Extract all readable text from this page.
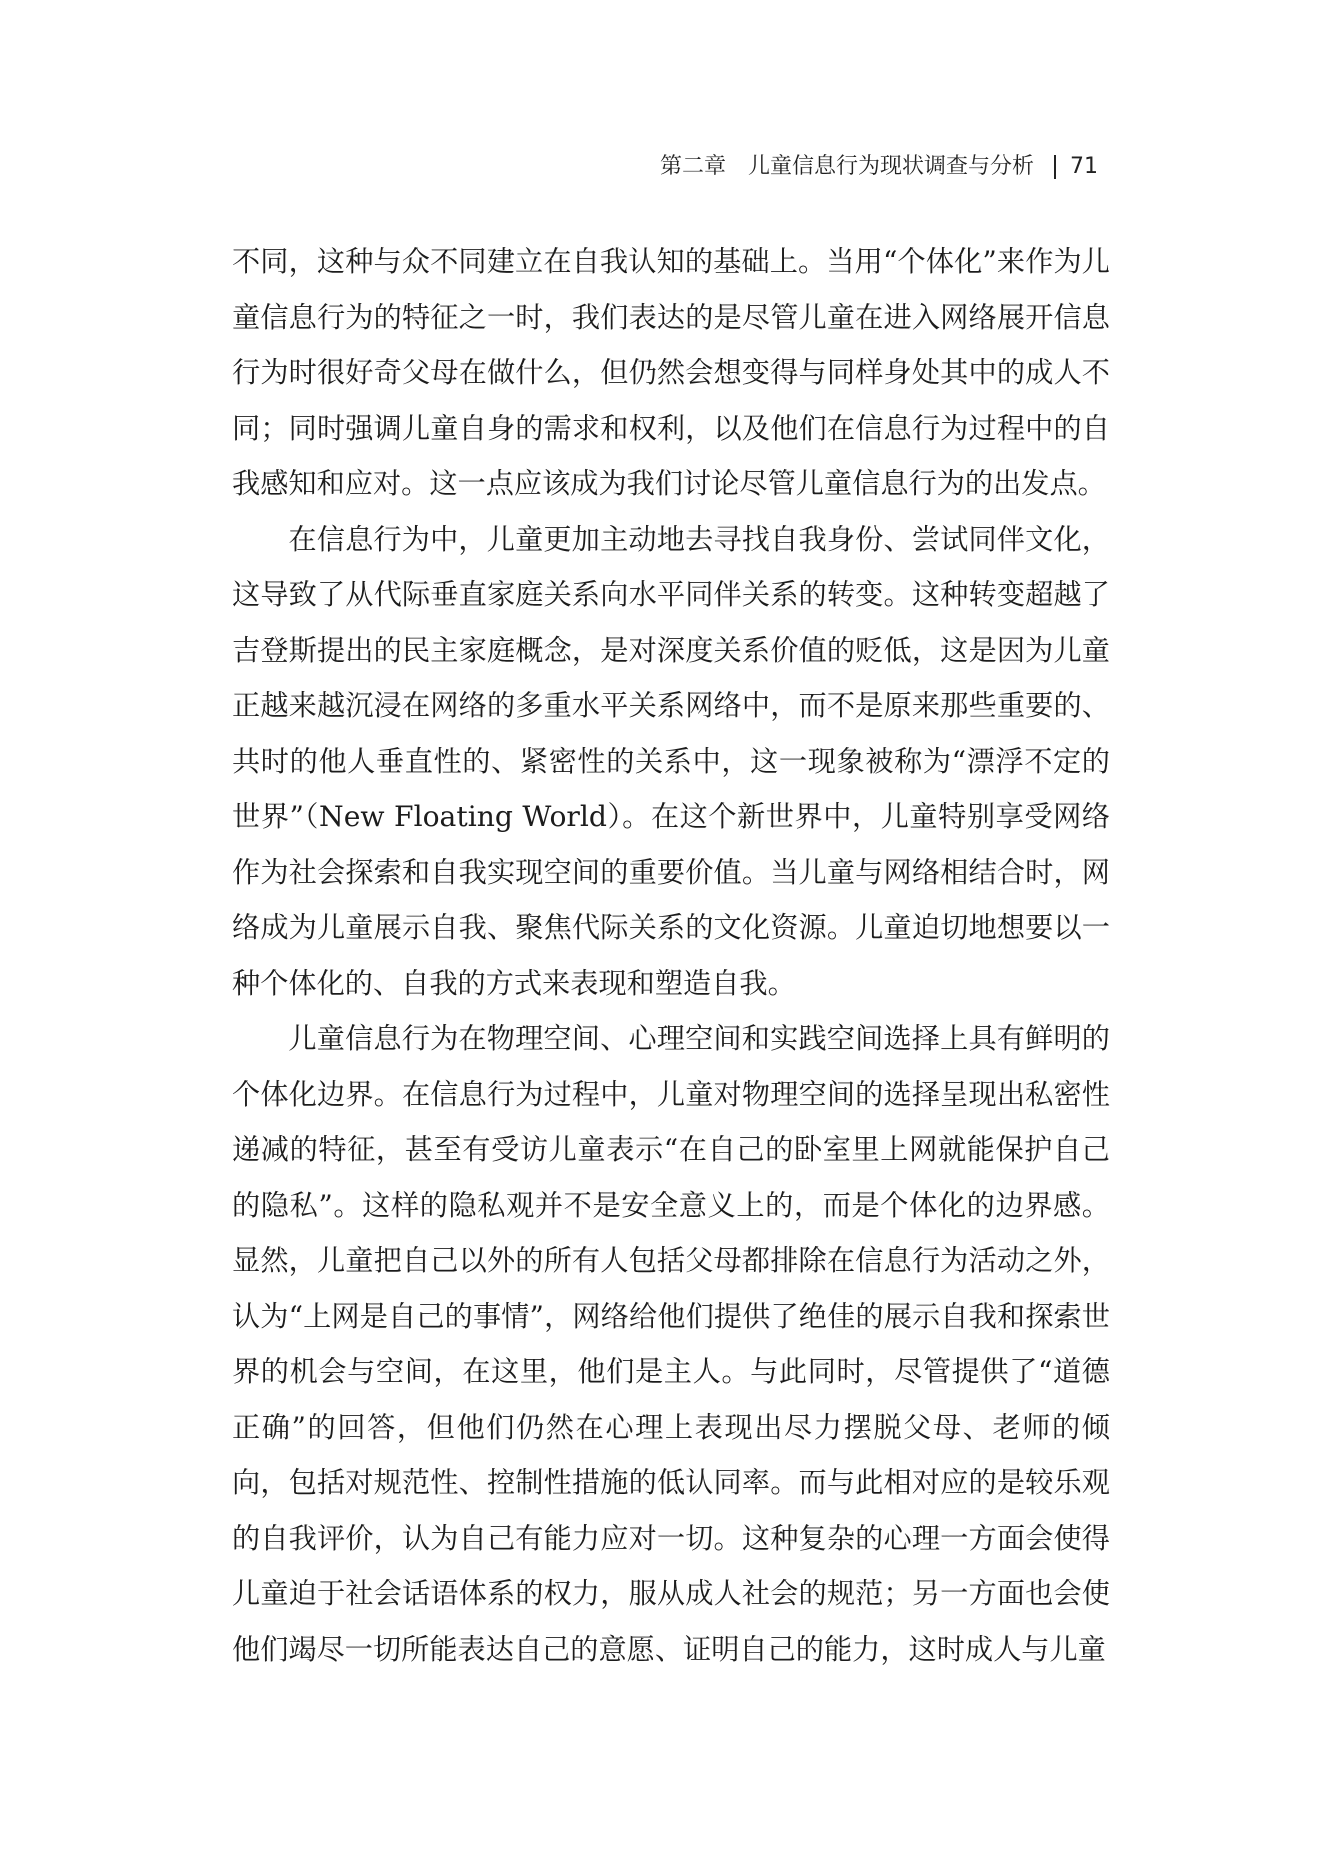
第二章 儿童信息行为现状调查与分析 71

不同，这种与众不同建立在自我认知的基础上。当用“个体化”来作为儿童信息行为的特征之一时，我们表达的是尽管儿童在进入网络展开信息行为时很好奇父母在做什么，但仍然会想变得与同样身处其中的成人不同；同时强调儿童自身的需求和权利，以及他们在信息行为过程中的自我感知和应对。这一点应该成为我们讨论尽管儿童信息行为的出发点。

在信息行为中，儿童更加主动地去寻找自我身份、尝试同伴文化，这导致了从代际垂直家庭关系向水平同伴关系的转变。这种转变超越了吉登斯提出的民主家庭概念，是对深度关系价值的贬低，这是因为儿童正越来越沉浸在网络的多重水平关系网络中，而不是原来那些重要的、共时的他人垂直性的、紧密性的关系中，这一现象被称为“漂浮不定的世界”（New Floating World）。在这个新世界中，儿童特别享受网络作为社会探索和自我实现空间的重要价值。当儿童与网络相结合时，网络成为儿童展示自我、聚焦代际关系的文化资源。儿童迫切地想要以一种个体化的、自我的方式来表现和塑造自我。

儿童信息行为在物理空间、心理空间和实践空间选择上具有鲜明的个体化边界。在信息行为过程中，儿童对物理空间的选择呈现出私密性递减的特征，甚至有受访儿童表示“在自己的卧室里上网就能保护自己的隐私”。这样的隐私观并不是安全意义上的，而是个体化的边界感。显然，儿童把自己以外的所有人包括父母都排除在信息行为活动之外，认为“上网是自己的事情”，网络给他们提供了绝佳的展示自我和探索世界的机会与空间，在这里，他们是主人。与此同时，尽管提供了“道德正确”的回答，但他们仍然在心理上表现出尽力摆脱父母、老师的倾向，包括对规范性、控制性措施的低认同率。而与此相对应的是较乐观的自我评价，认为自己有能力应对一切。这种复杂的心理一方面会使得儿童迫于社会话语体系的权力，服从成人社会的规范；另一方面也会使他们竭尽一切所能表达自己的意愿、证明自己的能力，这时成人与儿童
